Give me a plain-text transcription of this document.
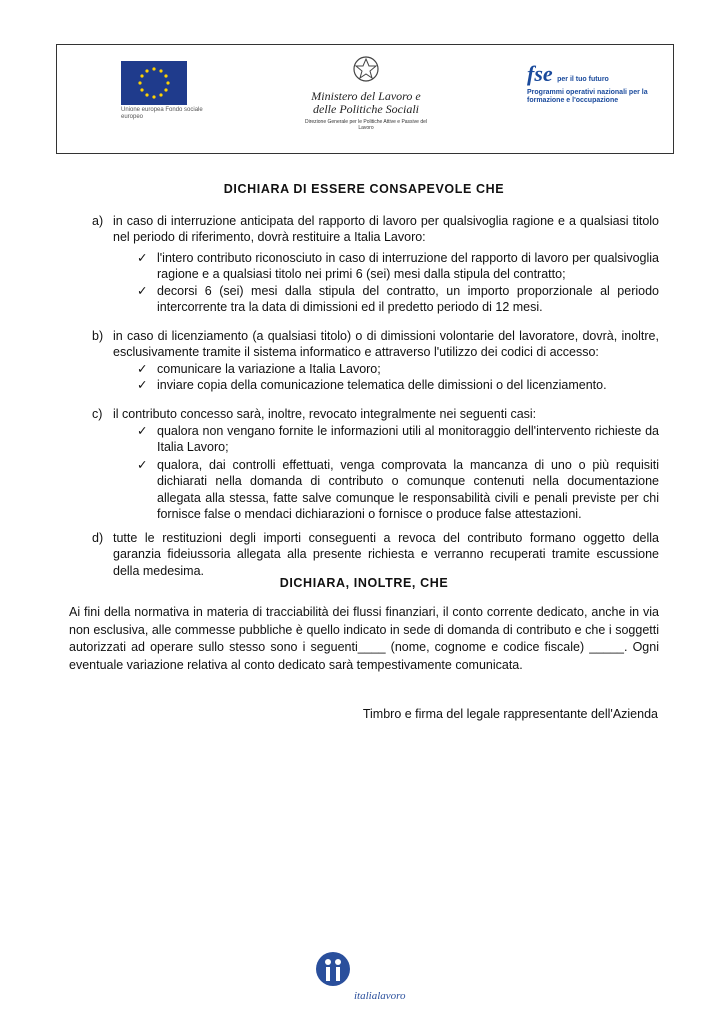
Unione europea Fondo sociale europeo
Ministero del Lavoro e delle Politiche Sociali
Direzione Generale per le Politiche Attive e Passive del Lavoro
fse per il tuo futuro
Programmi operativi nazionali per la formazione e l'occupazione
DICHIARA DI ESSERE CONSAPEVOLE CHE
a) in caso di interruzione anticipata del rapporto di lavoro per qualsivoglia ragione e a qualsiasi titolo nel periodo di riferimento, dovrà restituire a Italia Lavoro:
✓ l'intero contributo riconosciuto in caso di interruzione del rapporto di lavoro per qualsivoglia ragione e a qualsiasi titolo nei primi 6 (sei) mesi dalla stipula del contratto;
✓ decorsi 6 (sei) mesi dalla stipula del contratto, un importo proporzionale al periodo intercorrente tra la data di dimissioni ed il predetto periodo di 12 mesi.
b) in caso di licenziamento (a qualsiasi titolo) o di dimissioni volontarie del lavoratore, dovrà, inoltre, esclusivamente tramite il sistema informatico e attraverso l'utilizzo dei codici di accesso:
✓ comunicare la variazione a Italia Lavoro;
✓ inviare copia della comunicazione telematica delle dimissioni o del licenziamento.
c) il contributo concesso sarà, inoltre, revocato integralmente nei seguenti casi:
✓ qualora non vengano fornite le informazioni utili al monitoraggio dell'intervento richieste da Italia Lavoro;
✓ qualora, dai controlli effettuati, venga comprovata la mancanza di uno o più requisiti dichiarati nella domanda di contributo o comunque contenuti nella documentazione allegata alla stessa, fatte salve comunque le responsabilità civili e penali previste per chi fornisce false o mendaci dichiarazioni o fornisce o produce false attestazioni.
d) tutte le restituzioni degli importi conseguenti a revoca del contributo formano oggetto della garanzia fideiussoria allegata alla presente richiesta e verranno recuperati tramite escussione della medesima.
DICHIARA, INOLTRE, CHE
Ai fini della normativa in materia di tracciabilità dei flussi finanziari, il conto corrente dedicato, anche in via non esclusiva, alle commesse pubbliche è quello indicato in sede di domanda di contributo e che i soggetti autorizzati ad operare sullo stesso sono i seguenti____ (nome, cognome e codice fiscale) _____. Ogni eventuale variazione relativa al conto dedicato sarà tempestivamente comunicata.
Timbro e firma del legale rappresentante dell'Azienda
italialavoro
